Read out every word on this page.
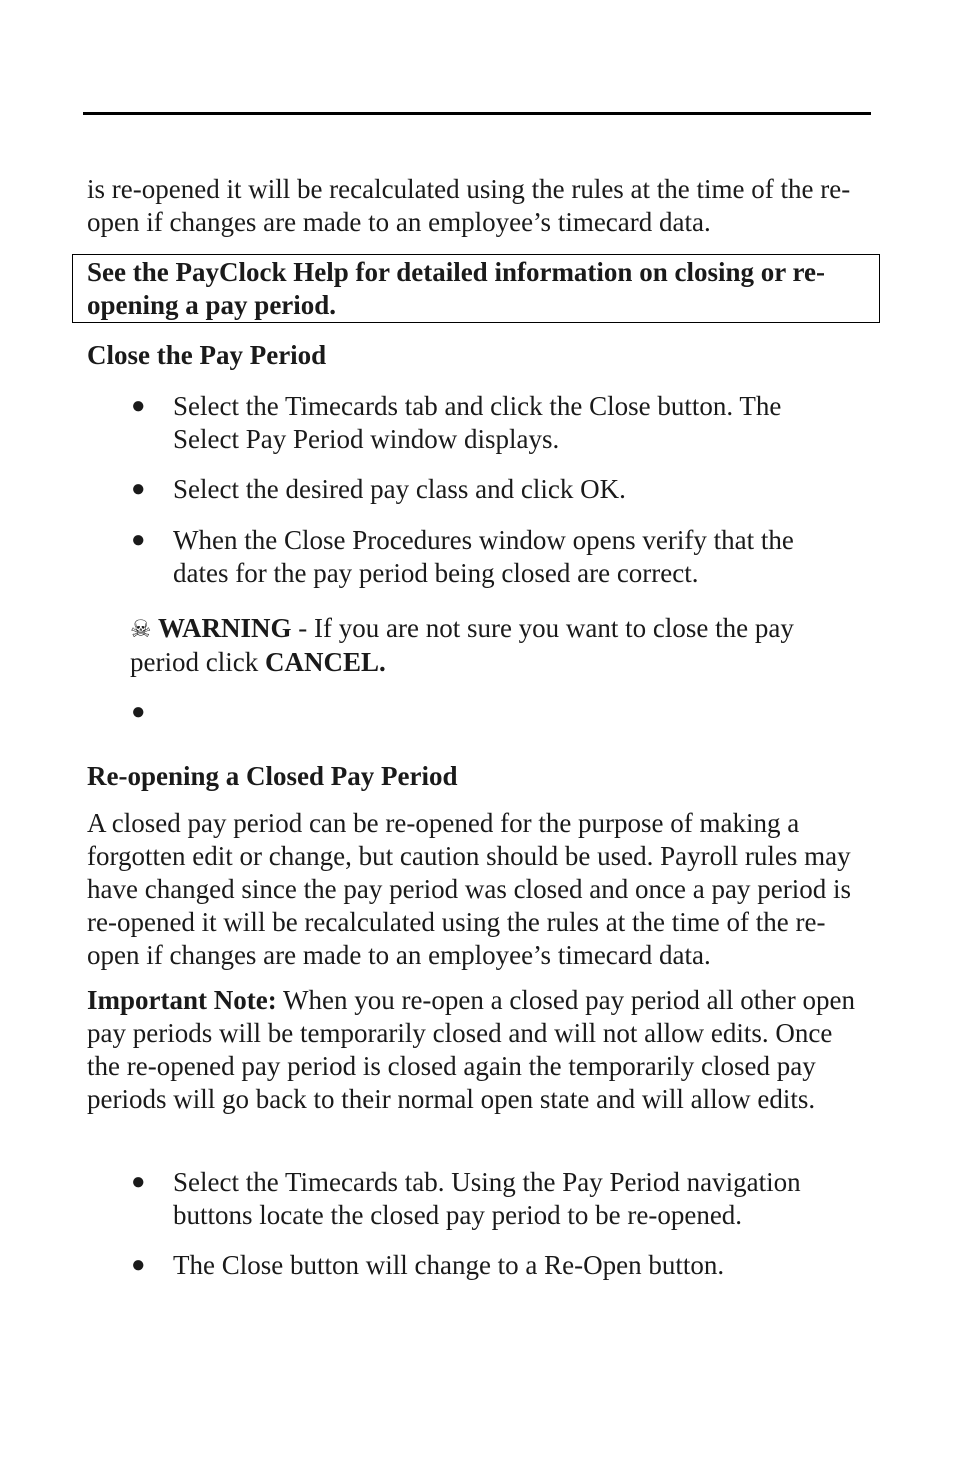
is re-opened it will be recalculated using the rules at the time of the re-open if changes are made to an employee’s timecard data.

See the PayClock Help for detailed information on closing or re-opening a pay period.

Close the Pay Period

● Select the Timecards tab and click the Close button. The Select Pay Period window displays.

● Select the desired pay class and click OK.

● When the Close Procedures window opens verify that the dates for the pay period being closed are correct.

☠ WARNING - If you are not sure you want to close the pay period click CANCEL.

●

Re-opening a Closed Pay Period

A closed pay period can be re-opened for the purpose of making a forgotten edit or change, but caution should be used. Payroll rules may have changed since the pay period was closed and once a pay period is re-opened it will be recalculated using the rules at the time of the re-open if changes are made to an employee’s timecard data.

Important Note: When you re-open a closed pay period all other open pay periods will be temporarily closed and will not allow edits. Once the re-opened pay period is closed again the temporarily closed pay periods will go back to their normal open state and will allow edits.

● Select the Timecards tab. Using the Pay Period navigation buttons locate the closed pay period to be re-opened.

● The Close button will change to a Re-Open button.
